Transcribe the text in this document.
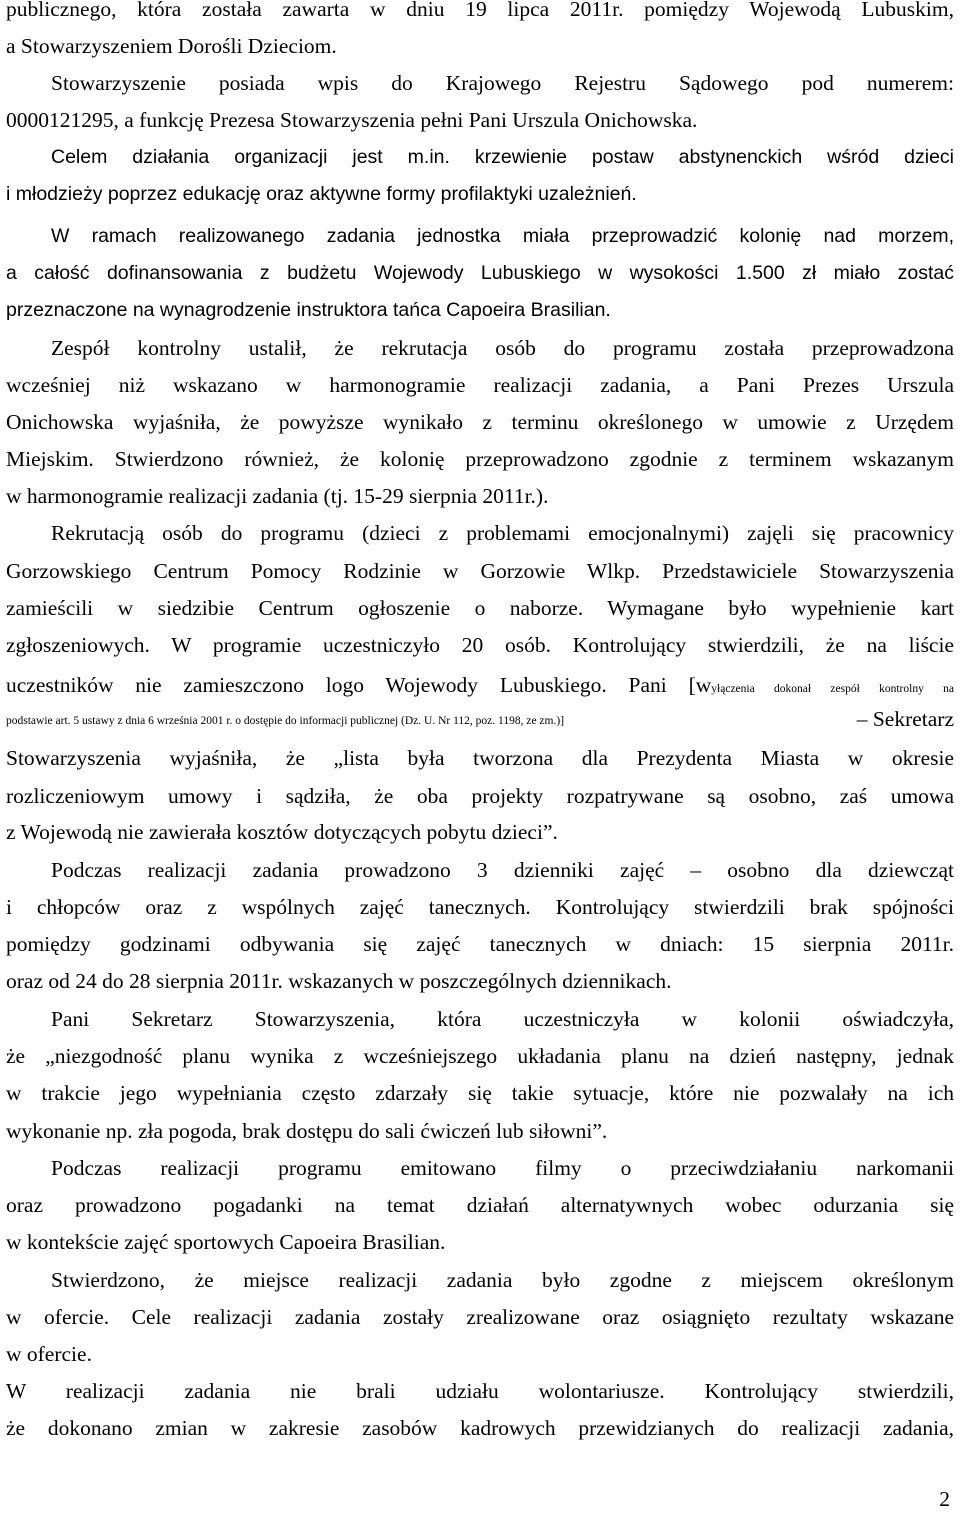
publicznego, która została zawarta w dniu 19 lipca 2011r. pomiędzy Wojewodą Lubuskim,
a Stowarzyszeniem Dorośli Dzieciom.
Stowarzyszenie posiada wpis do Krajowego Rejestru Sądowego pod numerem:
0000121295, a funkcję Prezesa Stowarzyszenia pełni Pani Urszula Onichowska.
Celem działania organizacji jest m.in. krzewienie postaw abstynenckich wśród dzieci
i młodzieży poprzez edukację oraz aktywne formy profilaktyki uzależnień.
W ramach realizowanego zadania jednostka miała przeprowadzić kolonię nad morzem,
a całość dofinansowania z budżetu Wojewody Lubuskiego w wysokości 1.500 zł miało zostać
przeznaczone na wynagrodzenie instruktora tańca Capoeira Brasilian.
Zespół kontrolny ustalił, że rekrutacja osób do programu została przeprowadzona
wcześniej niż wskazano w harmonogramie realizacji zadania, a Pani Prezes Urszula
Onichowska wyjaśniła, że powyższe wynikało z terminu określonego w umowie z Urzędem
Miejskim. Stwierdzono również, że kolonię przeprowadzono zgodnie z terminem wskazanym
w harmonogramie realizacji zadania (tj. 15-29 sierpnia 2011r.).
Rekrutacją osób do programu (dzieci z problemami emocjonalnymi) zajęli się pracownicy
Gorzowskiego Centrum Pomocy Rodzinie w Gorzowie Wlkp. Przedstawiciele Stowarzyszenia
zamieścili w siedzibie Centrum ogłoszenie o naborze. Wymagane było wypełnienie kart
zgłoszeniowych. W programie uczestniczyło 20 osób. Kontrolujący stwierdzili, że na liście
uczestników nie zamieszczono logo Wojewody Lubuskiego. Pani [wyłączenia dokonał zespół kontrolny na
podstawie art. 5 ustawy z dnia 6 września 2001 r. o dostępie do informacji publicznej (Dz. U. Nr 112, poz. 1198, ze zm.)]	– Sekretarz
Stowarzyszenia wyjaśniła, że „lista była tworzona dla Prezydenta Miasta w okresie
rozliczeniowym umowy i sądziła, że oba projekty rozpatrywane są osobno, zaś umowa
z Wojewodą nie zawierała kosztów dotyczących pobytu dzieci”.
Podczas realizacji zadania prowadzono 3 dzienniki zajęć – osobno dla dziewcząt
i chłopców oraz z wspólnych zajęć tanecznych. Kontrolujący stwierdzili brak spójności
pomiędzy godzinami odbywania się zajęć tanecznych w dniach: 15 sierpnia 2011r.
oraz od 24 do 28 sierpnia 2011r. wskazanych w poszczególnych dziennikach.
Pani Sekretarz Stowarzyszenia, która uczestniczyła w kolonii oświadczyła,
że „niezgodność planu wynika z wcześniejszego układania planu na dzień następny, jednak
w trakcie jego wypełniania często zdarzały się takie sytuacje, które nie pozwalały na ich
wykonanie np. zła pogoda, brak dostępu do sali ćwiczeń lub siłowni”.
Podczas realizacji programu emitowano filmy o przeciwdziałaniu narkomanii
oraz prowadzono pogadanki na temat działań alternatywnych wobec odurzania się
w kontekście zajęć sportowych Capoeira Brasilian.
Stwierdzono, że miejsce realizacji zadania było zgodne z miejscem określonym
w ofercie. Cele realizacji zadania zostały zrealizowane oraz osiągnięto rezultaty wskazane
w ofercie.
W realizacji zadania nie brali udziału wolontariusze. Kontrolujący stwierdzili,
że dokonano zmian w zakresie zasobów kadrowych przewidzianych do realizacji zadania,
2
